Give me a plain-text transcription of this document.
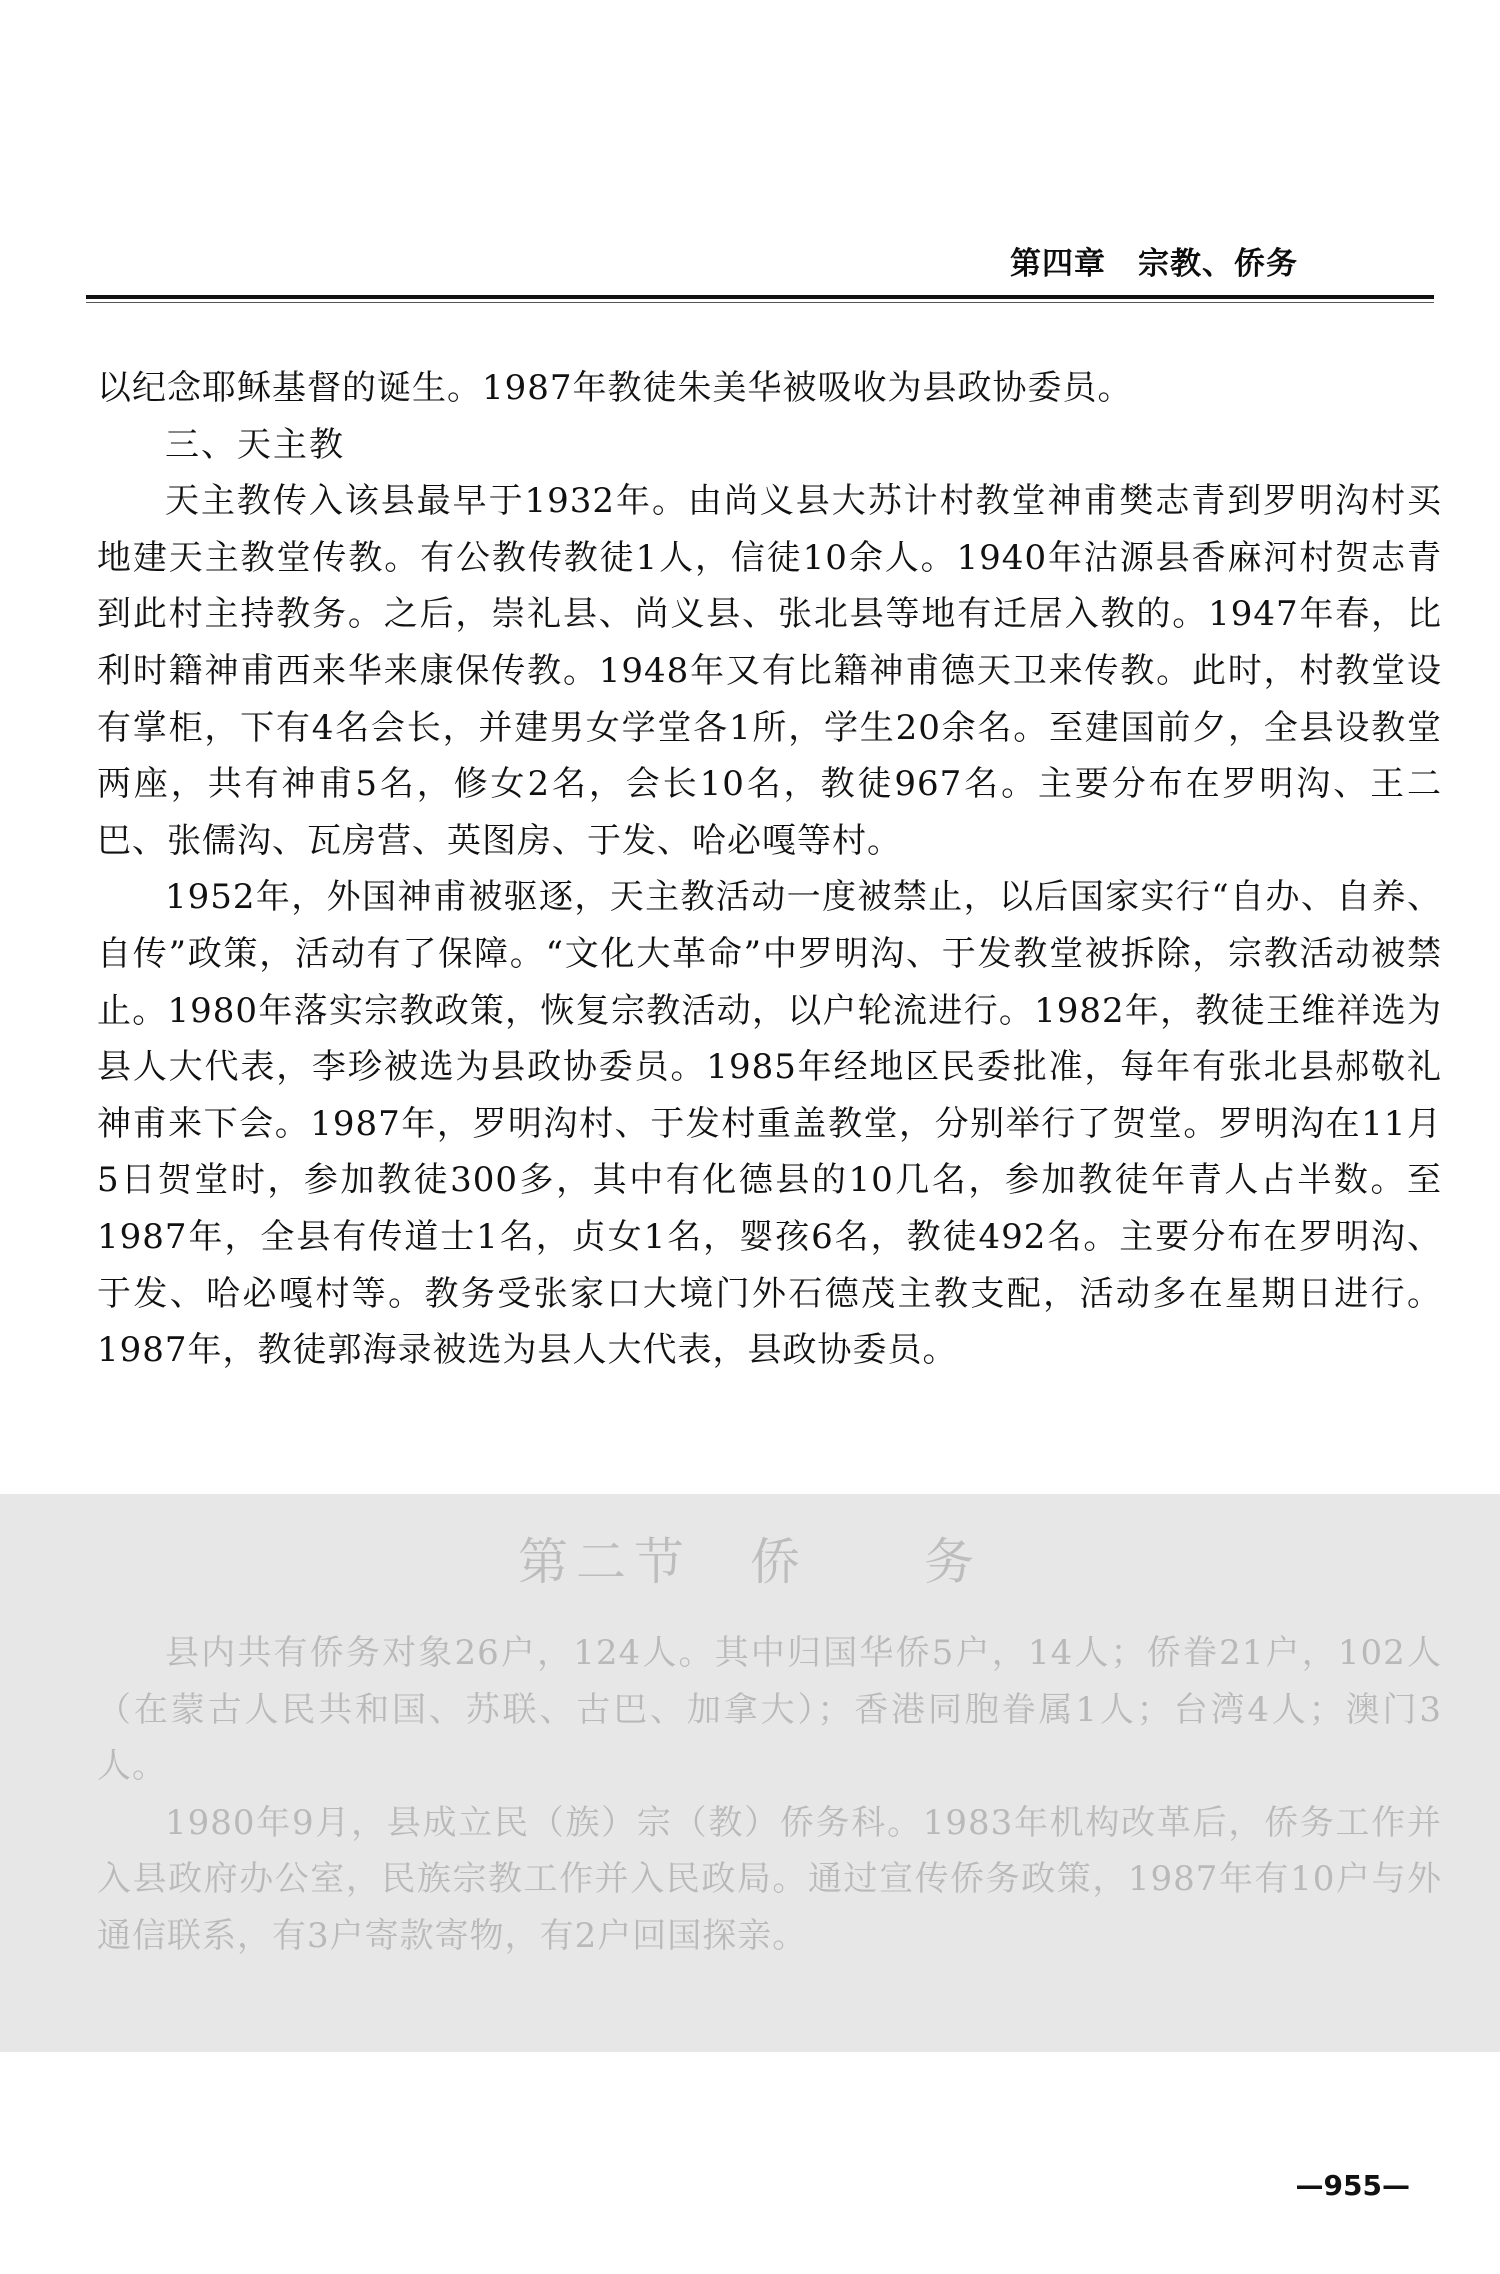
第四章　宗教、侨务

以纪念耶稣基督的诞生。1987年教徒朱美华被吸收为县政协委员。

三、天主教

天主教传入该县最早于1932年。由尚义县大苏计村教堂神甫樊志青到罗明沟村买地建天主教堂传教。有公教传教徒1人，信徒10余人。1940年沽源县香麻河村贺志青到此村主持教务。之后，崇礼县、尚义县、张北县等地有迁居入教的。1947年春，比利时籍神甫西来华来康保传教。1948年又有比籍神甫德天卫来传教。此时，村教堂设有掌柜，下有4名会长，并建男女学堂各1所，学生20余名。至建国前夕，全县设教堂两座，共有神甫5名，修女2名，会长10名，教徒967名。主要分布在罗明沟、王二巴、张儒沟、瓦房营、英图房、于发、哈必嘎等村。

1952年，外国神甫被驱逐，天主教活动一度被禁止，以后国家实行“自办、自养、自传”政策，活动有了保障。“文化大革命”中罗明沟、于发教堂被拆除，宗教活动被禁止。1980年落实宗教政策，恢复宗教活动，以户轮流进行。1982年，教徒王维祥选为县人大代表，李珍被选为县政协委员。1985年经地区民委批准，每年有张北县郝敬礼神甫来下会。1987年，罗明沟村、于发村重盖教堂，分别举行了贺堂。罗明沟在11月5日贺堂时，参加教徒300多，其中有化德县的10几名，参加教徒年青人占半数。至1987年，全县有传道士1名，贞女1名，婴孩6名，教徒492名。主要分布在罗明沟、于发、哈必嘎村等。教务受张家口大境门外石德茂主教支配，活动多在星期日进行。1987年，教徒郭海录被选为县人大代表，县政协委员。

第二节　侨　　务

县内共有侨务对象26户，124人。其中归国华侨5户，14人；侨眷21户，102人（在蒙古人民共和国、苏联、古巴、加拿大）；香港同胞眷属1人；台湾4人；澳门3人。

1980年9月，县成立民（族）宗（教）侨务科。1983年机构改革后，侨务工作并入县政府办公室，民族宗教工作并入民政局。通过宣传侨务政策，1987年有10户与外通信联系，有3户寄款寄物，有2户回国探亲。

—955—
